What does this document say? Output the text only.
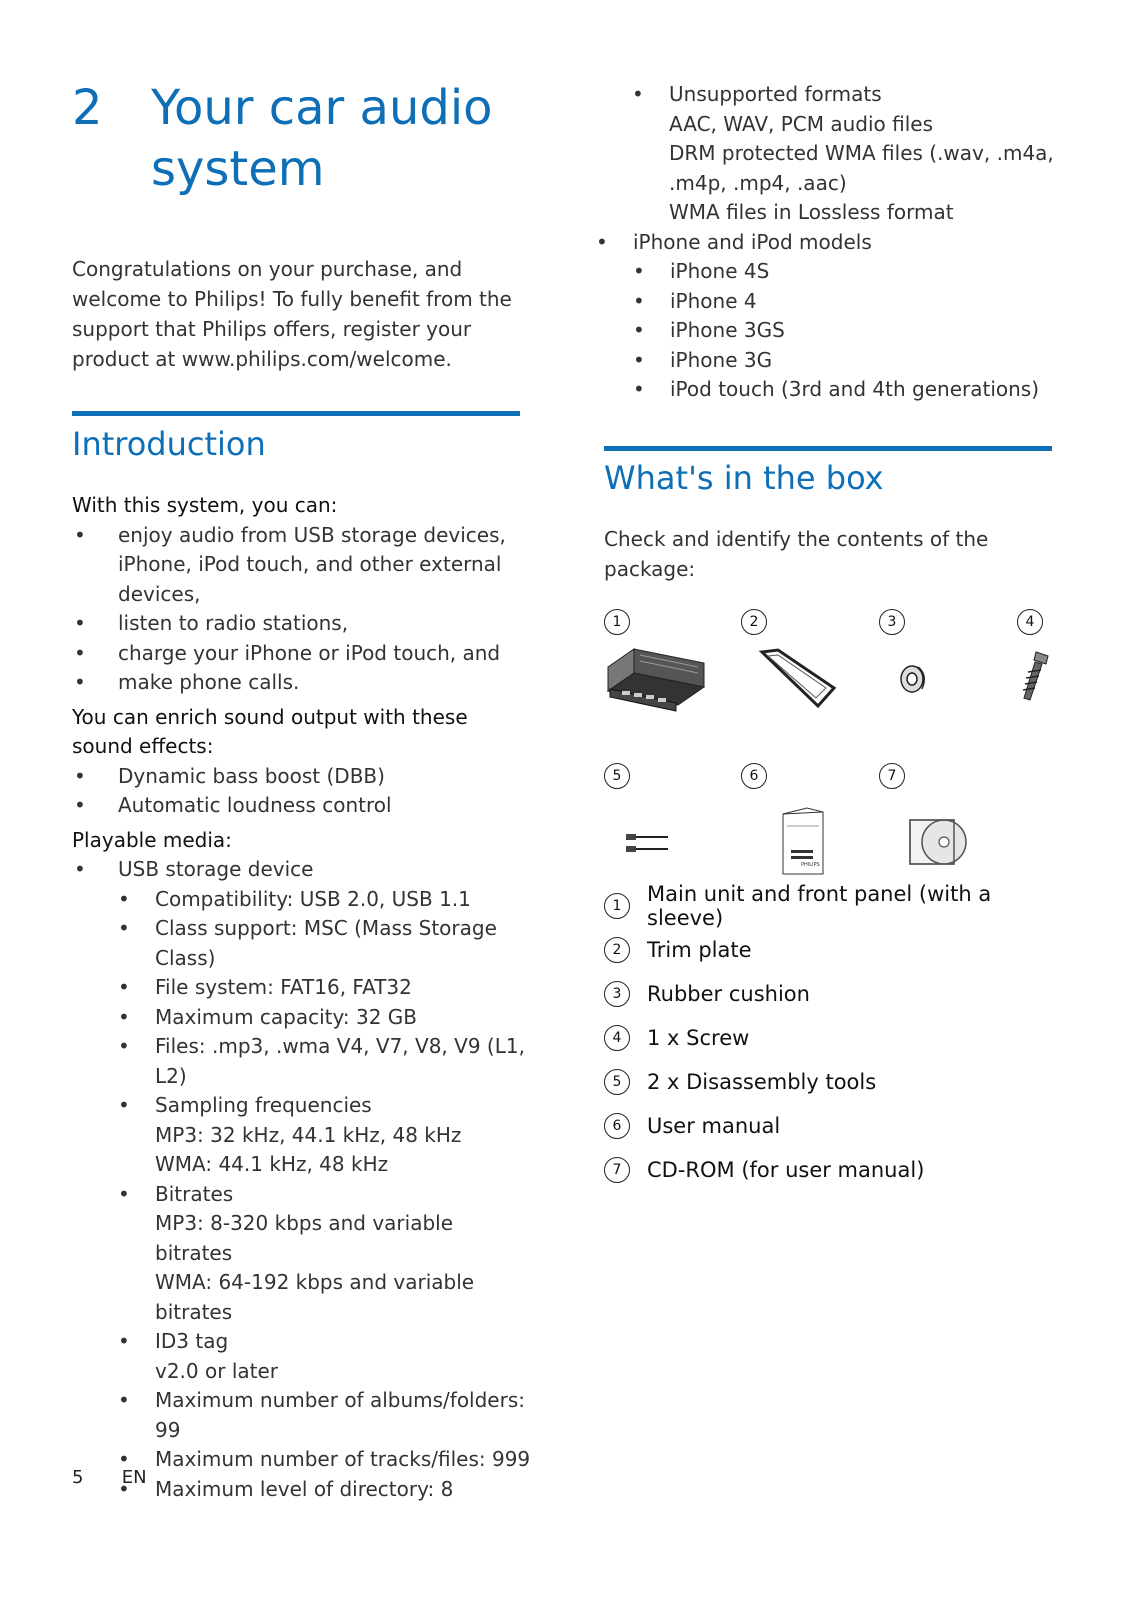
2 Your car audio
system
Congratulations on your purchase, and welcome to Philips! To fully benefit from the support that Philips offers, register your product at www.philips.com/welcome.
Introduction
With this system, you can:
• enjoy audio from USB storage devices, iPhone, iPod touch, and other external devices,
• listen to radio stations,
• charge your iPhone or iPod touch, and
• make phone calls.
You can enrich sound output with these sound effects:
• Dynamic bass boost (DBB)
• Automatic loudness control
Playable media:
• USB storage device
• Compatibility: USB 2.0, USB 1.1
• Class support: MSC (Mass Storage Class)
• File system: FAT16, FAT32
• Maximum capacity: 32 GB
• Files: .mp3, .wma V4, V7, V8, V9 (L1, L2)
• Sampling frequencies
MP3: 32 kHz, 44.1 kHz, 48 kHz
WMA: 44.1 kHz, 48 kHz
• Bitrates
MP3: 8-320 kbps and variable bitrates
WMA: 64-192 kbps and variable bitrates
• ID3 tag
v2.0 or later
• Maximum number of albums/folders: 99
• Maximum number of tracks/files: 999
• Maximum level of directory: 8
• Unsupported formats
AAC, WAV, PCM audio files
DRM protected WMA files (.wav, .m4a, .m4p, .mp4, .aac)
WMA files in Lossless format
• iPhone and iPod models
• iPhone 4S
• iPhone 4
• iPhone 3GS
• iPhone 3G
• iPod touch (3rd and 4th generations)
What's in the box
Check and identify the contents of the package:
1	2	3	4
5	6	7
PHILIPS
1	Main unit and front panel (with a sleeve)
2	Trim plate
3	Rubber cushion
4	1 x Screw
5	2 x Disassembly tools
6	User manual
7	CD-ROM (for user manual)
5 EN
